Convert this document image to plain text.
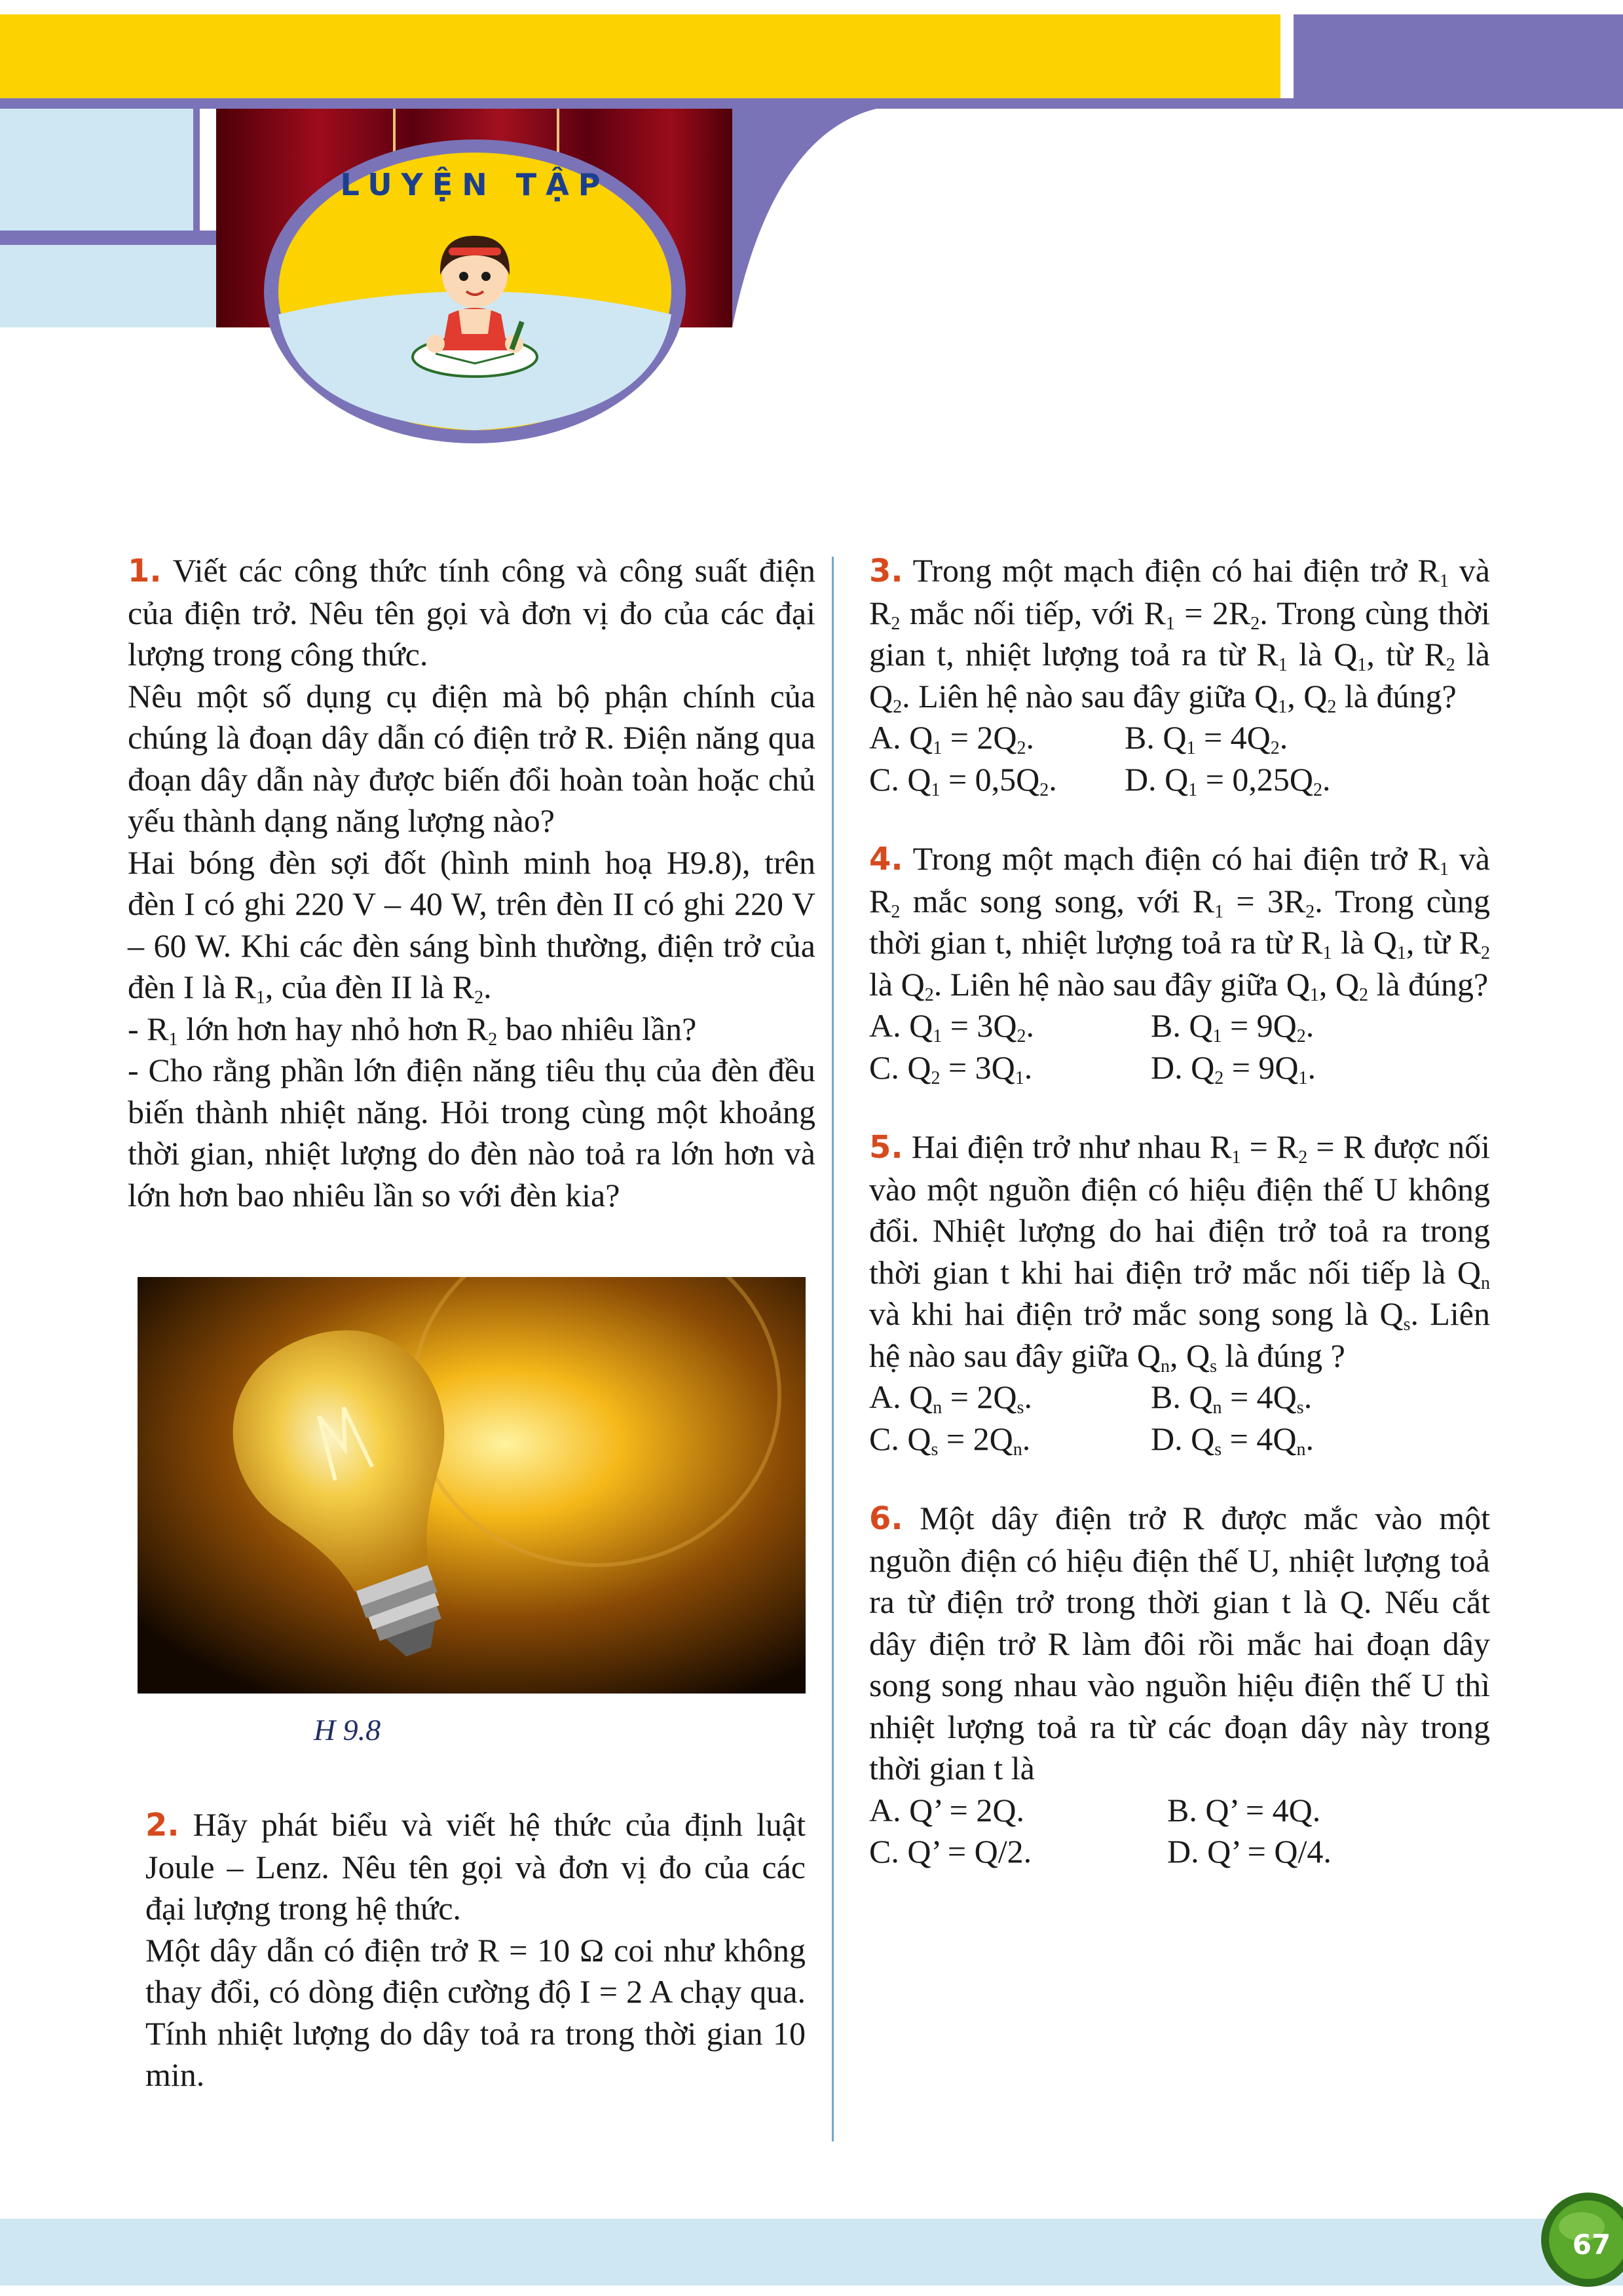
LUYỆN TẬP

1. Viết các công thức tính công và công suất điện của điện trở. Nêu tên gọi và đơn vị đo của các đại lượng trong công thức.

Nêu một số dụng cụ điện mà bộ phận chính của chúng là đoạn dây dẫn có điện trở R. Điện năng qua đoạn dây dẫn này được biến đổi hoàn toàn hoặc chủ yếu thành dạng năng lượng nào?

Hai bóng đèn sợi đốt (hình minh hoạ H9.8), trên đèn I có ghi 220 V – 40 W, trên đèn II có ghi 220 V – 60 W. Khi các đèn sáng bình thường, điện trở của đèn I là $R_1$, của đèn II là $R_2$.

- $R_1$ lớn hơn hay nhỏ hơn $R_2$ bao nhiêu lần?

- Cho rằng phần lớn điện năng tiêu thụ của đèn đều biến thành nhiệt năng. Hỏi trong cùng một khoảng thời gian, nhiệt lượng do đèn nào toả ra lớn hơn và lớn hơn bao nhiêu lần so với đèn kia?

H 9.8

2. Hãy phát biểu và viết hệ thức của định luật Joule – Lenz. Nêu tên gọi và đơn vị đo của các đại lượng trong hệ thức.

Một dây dẫn có điện trở R = 10 Ω coi như không thay đổi, có dòng điện cường độ I = 2 A chạy qua. Tính nhiệt lượng do dây toả ra trong thời gian 10 min.

3. Trong một mạch điện có hai điện trở $R_1$ và $R_2$ mắc nối tiếp, với $R_1 = 2R_2$. Trong cùng thời gian t, nhiệt lượng toả ra từ $R_1$ là $Q_1$, từ $R_2$ là $Q_2$. Liên hệ nào sau đây giữa $Q_1$, $Q_2$ là đúng?

A. $Q_1 = 2Q_2$.	B. $Q_1 = 4Q_2$.
C. $Q_1 = 0,5Q_2$.	D. $Q_1 = 0,25Q_2$.

4. Trong một mạch điện có hai điện trở $R_1$ và $R_2$ mắc song song, với $R_1 = 3R_2$. Trong cùng thời gian t, nhiệt lượng toả ra từ $R_1$ là $Q_1$, từ $R_2$ là $Q_2$. Liên hệ nào sau đây giữa $Q_1$, $Q_2$ là đúng?

A. $Q_1 = 3Q_2$.	B. $Q_1 = 9Q_2$.
C. $Q_2 = 3Q_1$.	D. $Q_2 = 9Q_1$.

5. Hai điện trở như nhau $R_1 = R_2 = R$ được nối vào một nguồn điện có hiệu điện thế U không đổi. Nhiệt lượng do hai điện trở toả ra trong thời gian t khi hai điện trở mắc nối tiếp là $Q_n$ và khi hai điện trở mắc song song là $Q_s$. Liên hệ nào sau đây giữa $Q_n$, $Q_s$ là đúng ?

A. $Q_n = 2Q_s$.	B. $Q_n = 4Q_s$.
C. $Q_s = 2Q_n$.	D. $Q_s = 4Q_n$.

6. Một dây điện trở R được mắc vào một nguồn điện có hiệu điện thế U, nhiệt lượng toả ra từ điện trở trong thời gian t là Q. Nếu cắt dây điện trở R làm đôi rồi mắc hai đoạn dây song song nhau vào nguồn hiệu điện thế U thì nhiệt lượng toả ra từ các đoạn dây này trong thời gian t là

A. Q’ = 2Q.	B. Q’ = 4Q.
C. Q’ = Q/2.	D. Q’ = Q/4.
67
